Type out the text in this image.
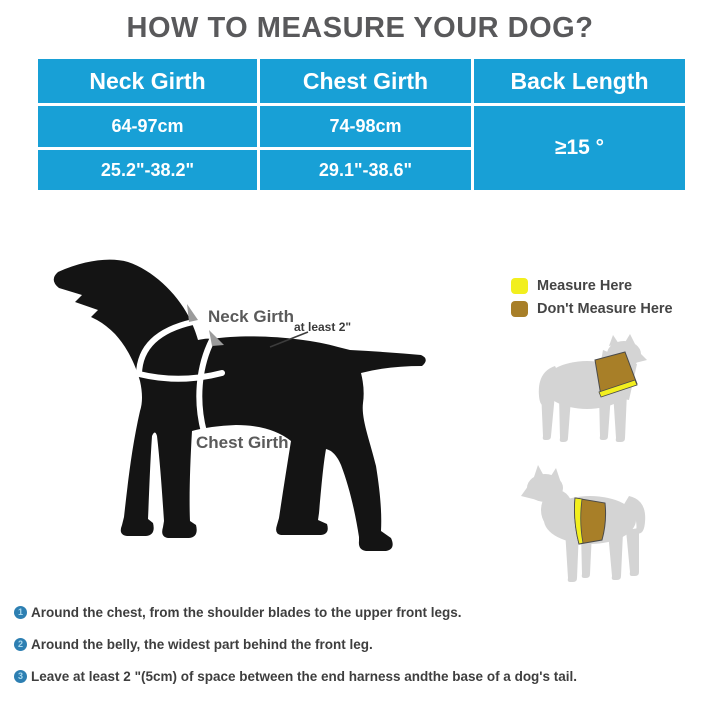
HOW TO MEASURE YOUR DOG?
Neck Girth	Chest Girth	Back Length
64-97cm	74-98cm
≥15 °
25.2"-38.2"	29.1"-38.6"
Neck Girth
at least 2"
Chest Girth
Measure Here
Don't Measure Here
1 Around the chest, from the shoulder blades to the upper front legs.
2 Around the belly, the widest part behind the front leg.
3 Leave at least 2 "(5cm) of space between the end harness andthe base of a dog's tail.
